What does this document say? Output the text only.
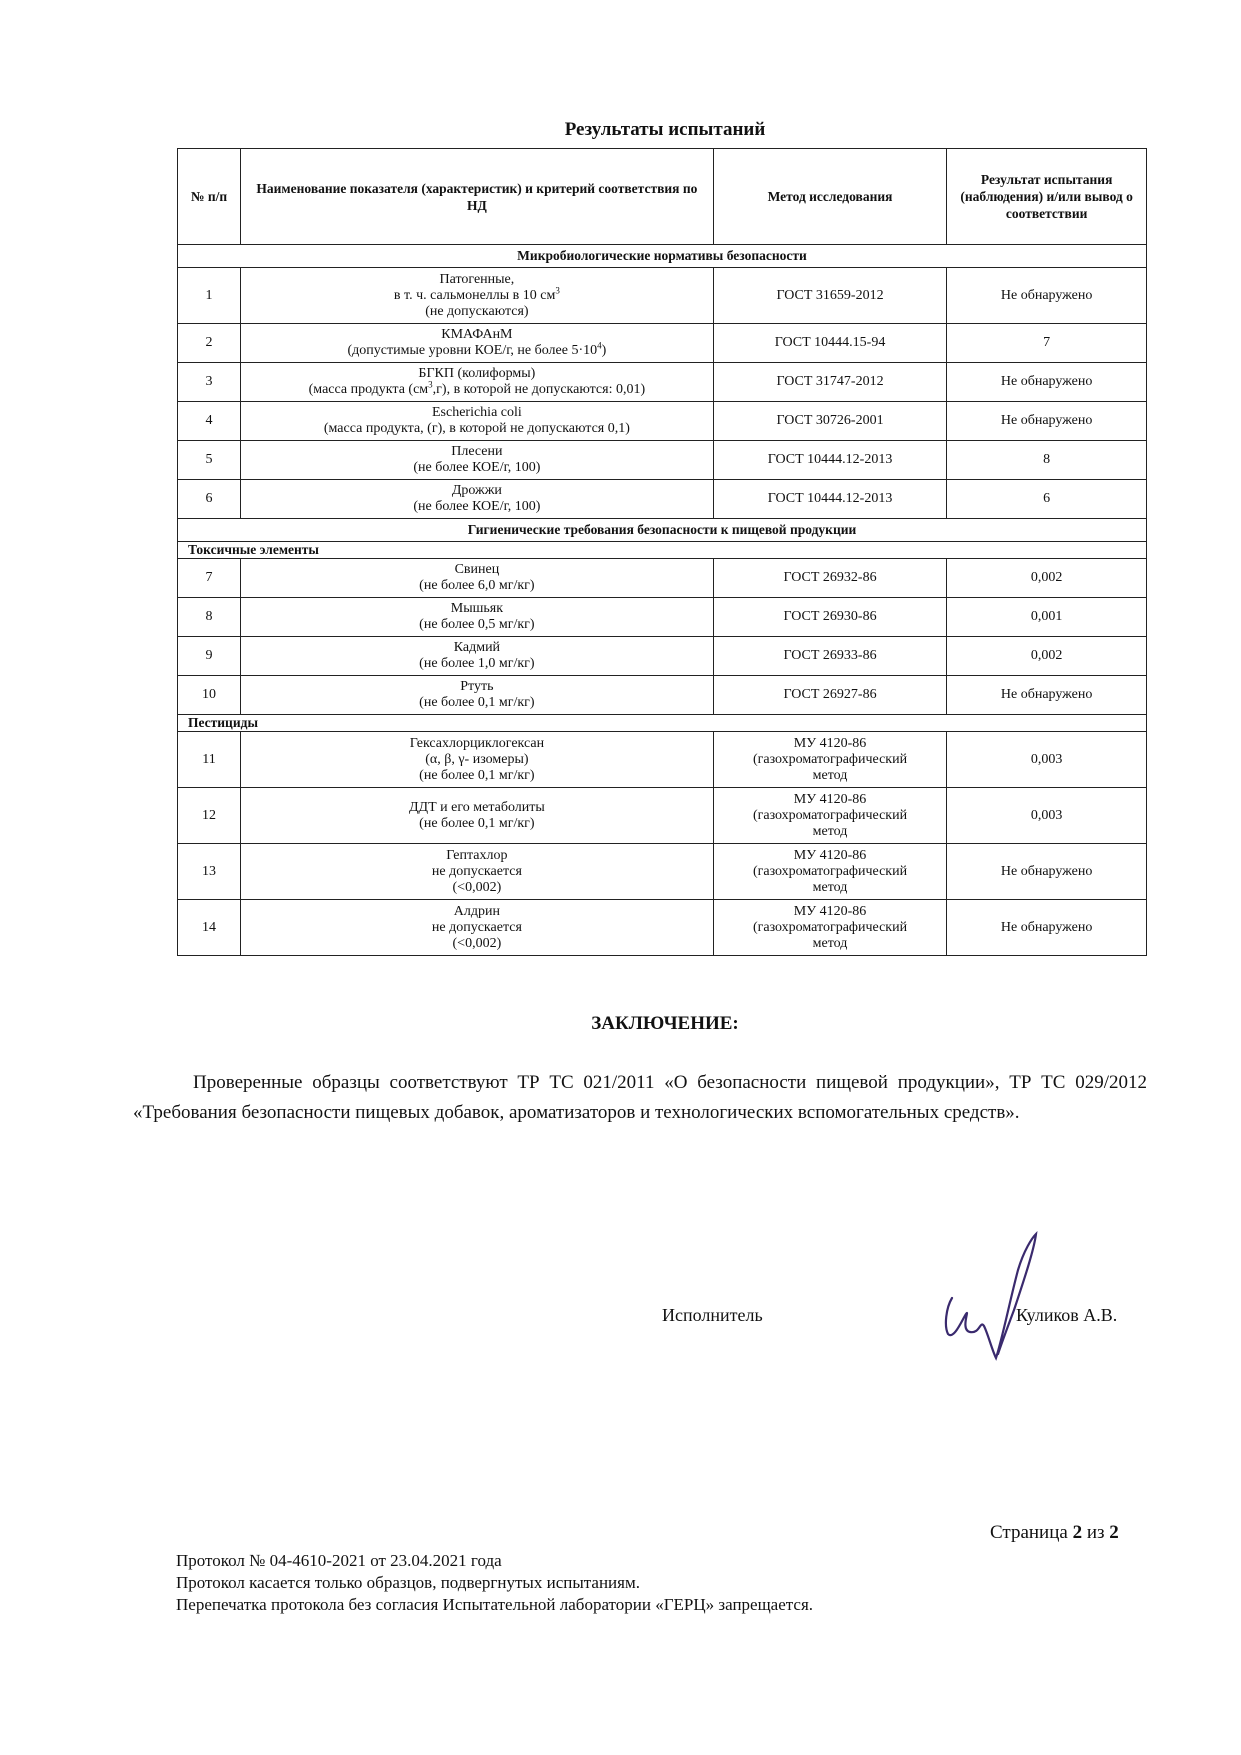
Результаты испытаний
№ п/п	Наименование показателя (характеристик) и критерий соответствия по НД	Метод исследования	Результат испытания (наблюдения) и/или вывод о соответствии
Микробиологические нормативы безопасности			
1	Патогенные,
в т. ч. сальмонеллы в 10 $см^3$
(не допускаются)	ГОСТ 31659-2012	Не обнаружено
2	КМАФАнМ
(допустимые уровни КОЕ/г, не более $5\cdot 10^4$)	ГОСТ 10444.15-94	7
3	БГКП (колиформы)
(масса продукта $(см^3,г)$, в которой не допускаются: 0,01)	ГОСТ 31747-2012	Не обнаружено
4	Escherichia coli
(масса продукта, (г), в которой не допускаются 0,1)	ГОСТ 30726-2001	Не обнаружено
5	Плесени
(не более КОЕ/г, 100)	ГОСТ 10444.12-2013	8
6	Дрожжи
(не более КОЕ/г, 100)	ГОСТ 10444.12-2013	6
Гигиенические требования безопасности к пищевой продукции			
Токсичные элементы			
7	Свинец
(не более 6,0 мг/кг)	ГОСТ 26932-86	0,002
8	Мышьяк
(не более 0,5 мг/кг)	ГОСТ 26930-86	0,001
9	Кадмий
(не более 1,0 мг/кг)	ГОСТ 26933-86	0,002
10	Ртуть
(не более 0,1 мг/кг)	ГОСТ 26927-86	Не обнаружено
Пестициды			
11	Гексахлорциклогексан
(α, β, γ- изомеры)
(не более 0,1 мг/кг)	МУ 4120-86
(газохроматографический
метод	0,003
12	ДДТ и его метаболиты
(не более 0,1 мг/кг)	МУ 4120-86
(газохроматографический
метод	0,003
13	Гептахлор
не допускается
(<0,002)	МУ 4120-86
(газохроматографический
метод	Не обнаружено
14	Алдрин
не допускается
(<0,002)	МУ 4120-86
(газохроматографический
метод	Не обнаружено
ЗАКЛЮЧЕНИЕ:
Проверенные образцы соответствуют ТР ТС 021/2011 «О безопасности пищевой продукции», ТР ТС 029/2012 «Требования безопасности пищевых добавок, ароматизаторов и технологических вспомогательных средств».
Исполнитель	Куликов А.В.
Страница 2 из 2
Протокол № 04-4610-2021 от 23.04.2021 года
Протокол касается только образцов, подвергнутых испытаниям.
Перепечатка протокола без согласия Испытательной лаборатории «ГЕРЦ» запрещается.
